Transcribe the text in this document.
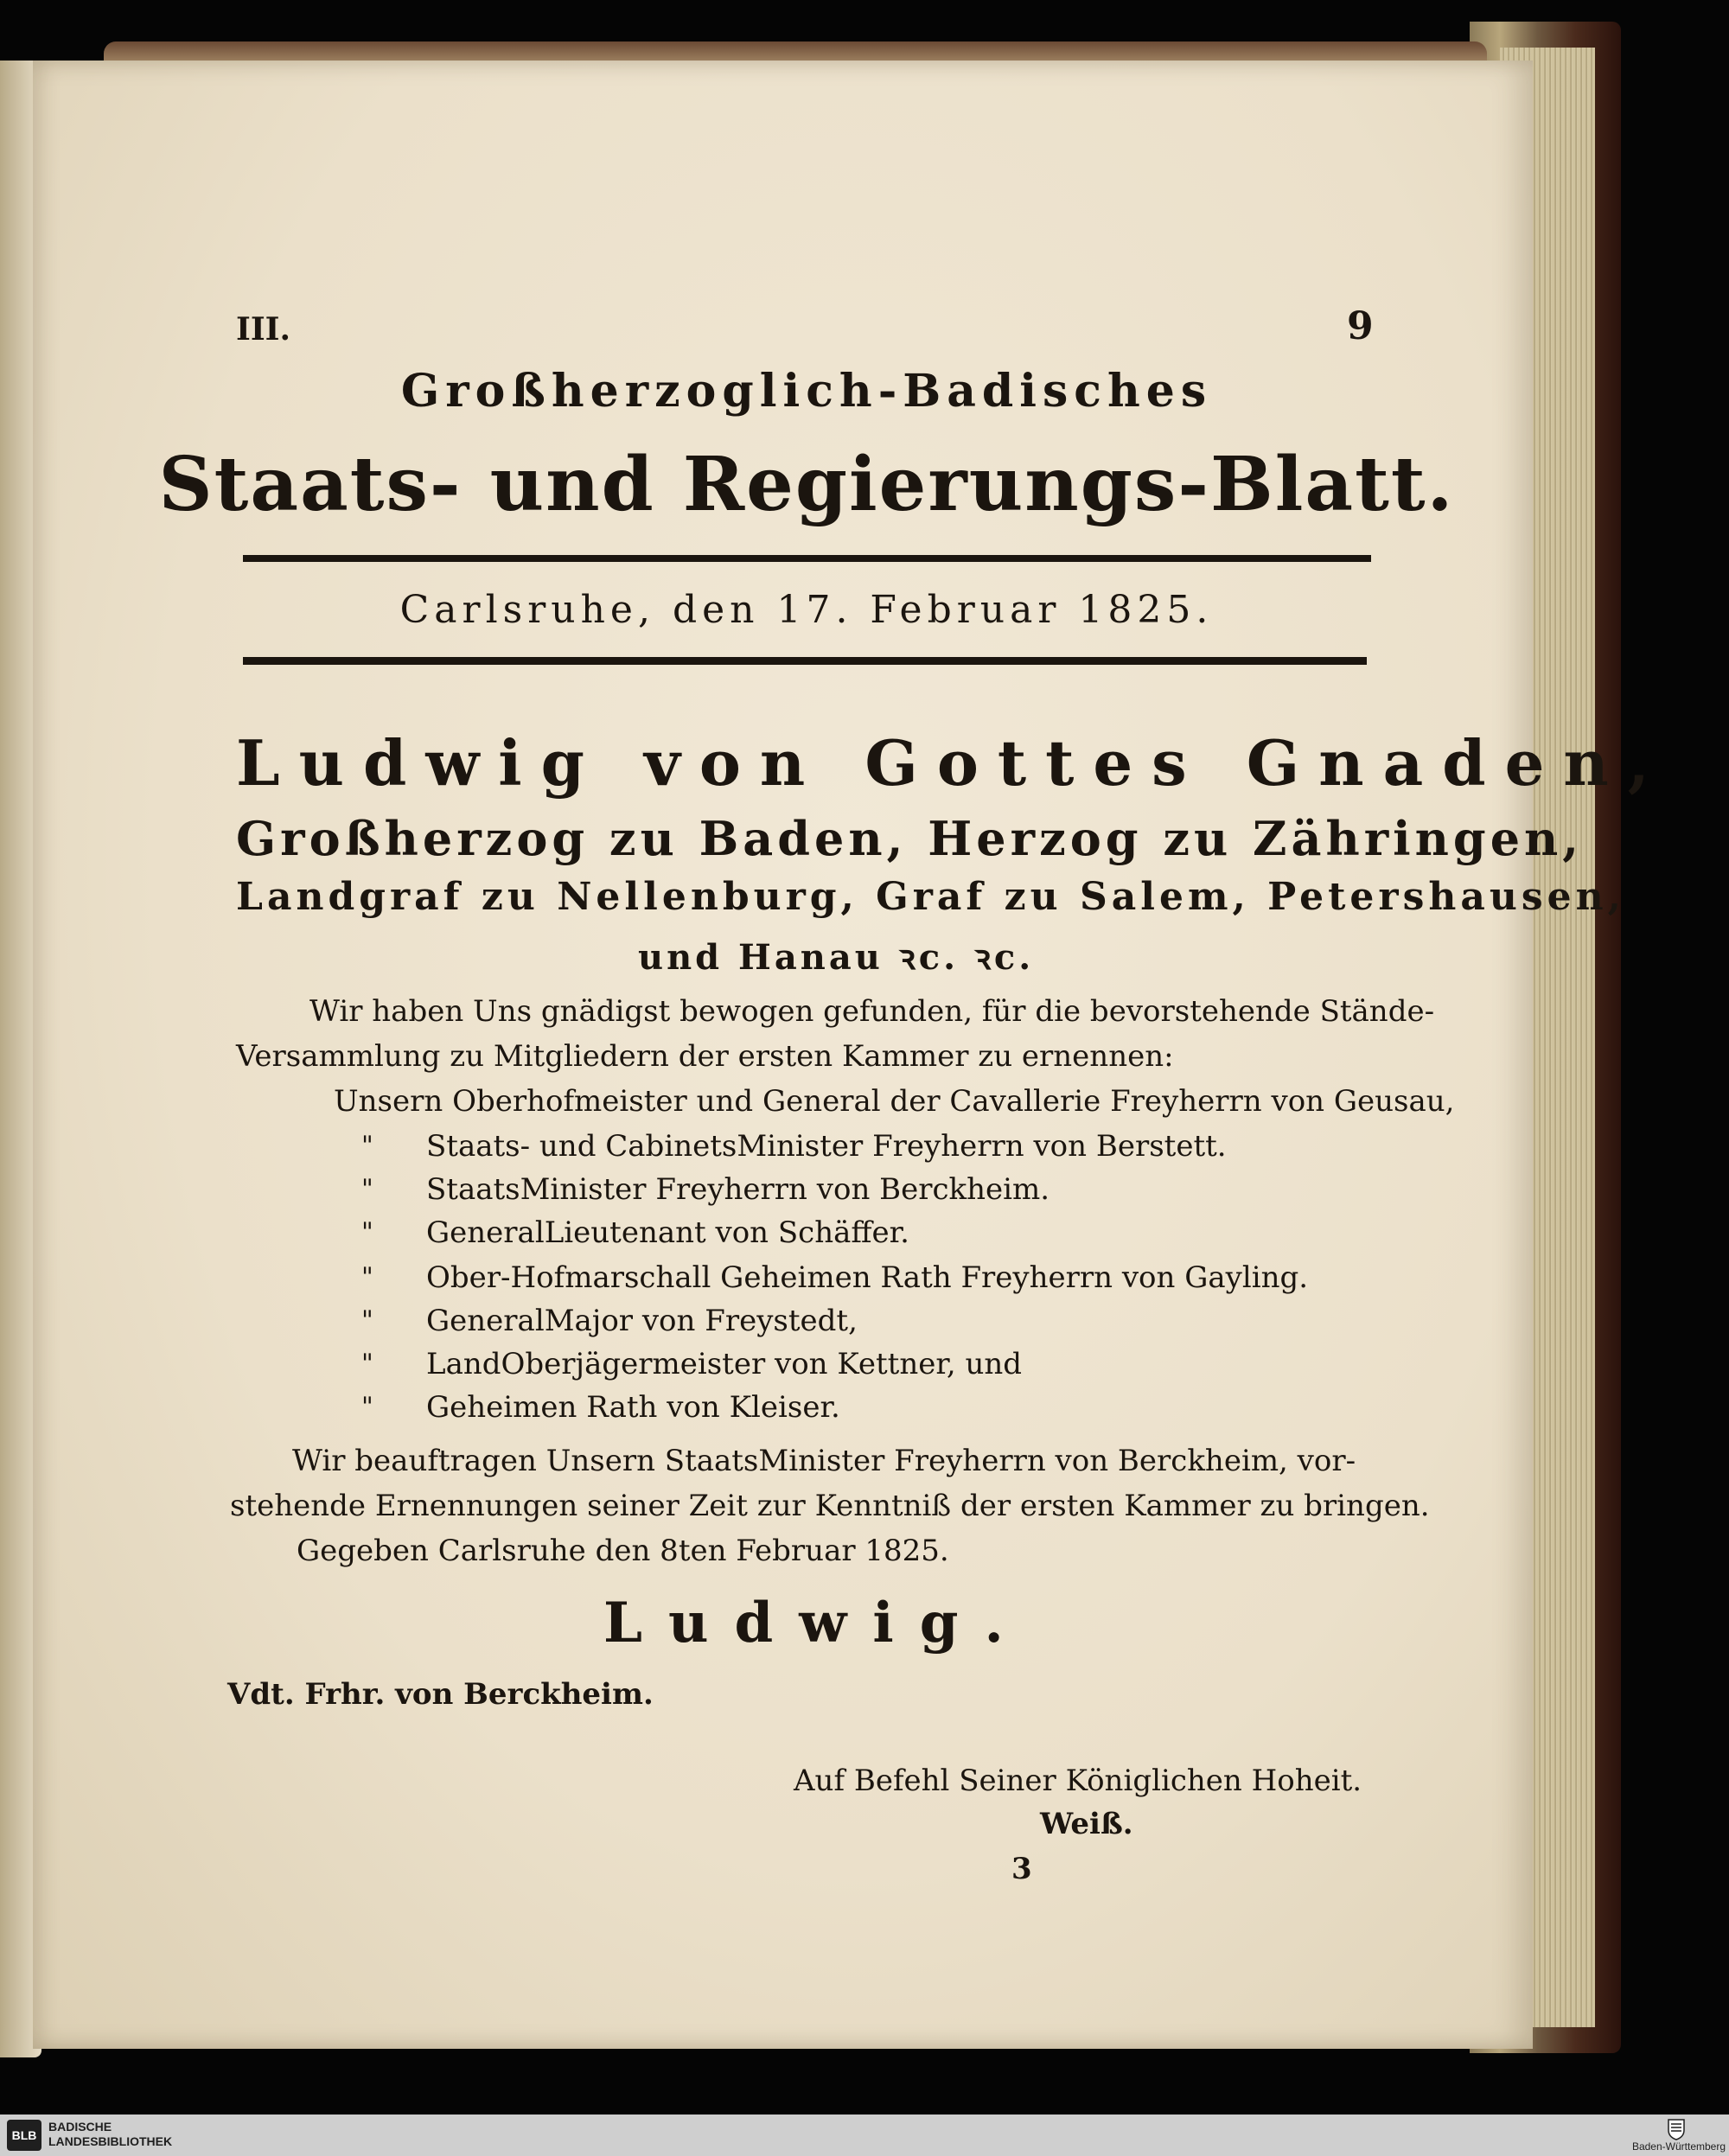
III.	9
Großherzoglich-Badisches
Staats- und Regierungs-Blatt.
Carlsruhe, den 17. Februar 1825.
Ludwig von Gottes Gnaden,
Großherzog zu Baden, Herzog zu Zähringen,
Landgraf zu Nellenburg, Graf zu Salem, Petershausen,
und Hanau ꝛc. ꝛc.
Wir haben Uns gnädigst bewogen gefunden, für die bevorstehende Stände-
Versammlung zu Mitgliedern der ersten Kammer zu ernennen:
Unsern Oberhofmeister und General der Cavallerie Freyherrn von Geusau,
" Staats- und CabinetsMinister Freyherrn von Berstett.
" StaatsMinister Freyherrn von Berckheim.
" GeneralLieutenant von Schäffer.
" Ober-Hofmarschall Geheimen Rath Freyherrn von Gayling.
" GeneralMajor von Freystedt,
" LandOberjägermeister von Kettner, und
" Geheimen Rath von Kleiser.
Wir beauftragen Unsern StaatsMinister Freyherrn von Berckheim, vor-
stehende Ernennungen seiner Zeit zur Kenntniß der ersten Kammer zu bringen.
Gegeben Carlsruhe den 8ten Februar 1825.
Ludwig.
Vdt. Frhr. von Berckheim.
Auf Befehl Seiner Königlichen Hoheit.
Weiß.
3
BLB
BADISCHE
LANDESBIBLIOTHEK	Baden-Württemberg
